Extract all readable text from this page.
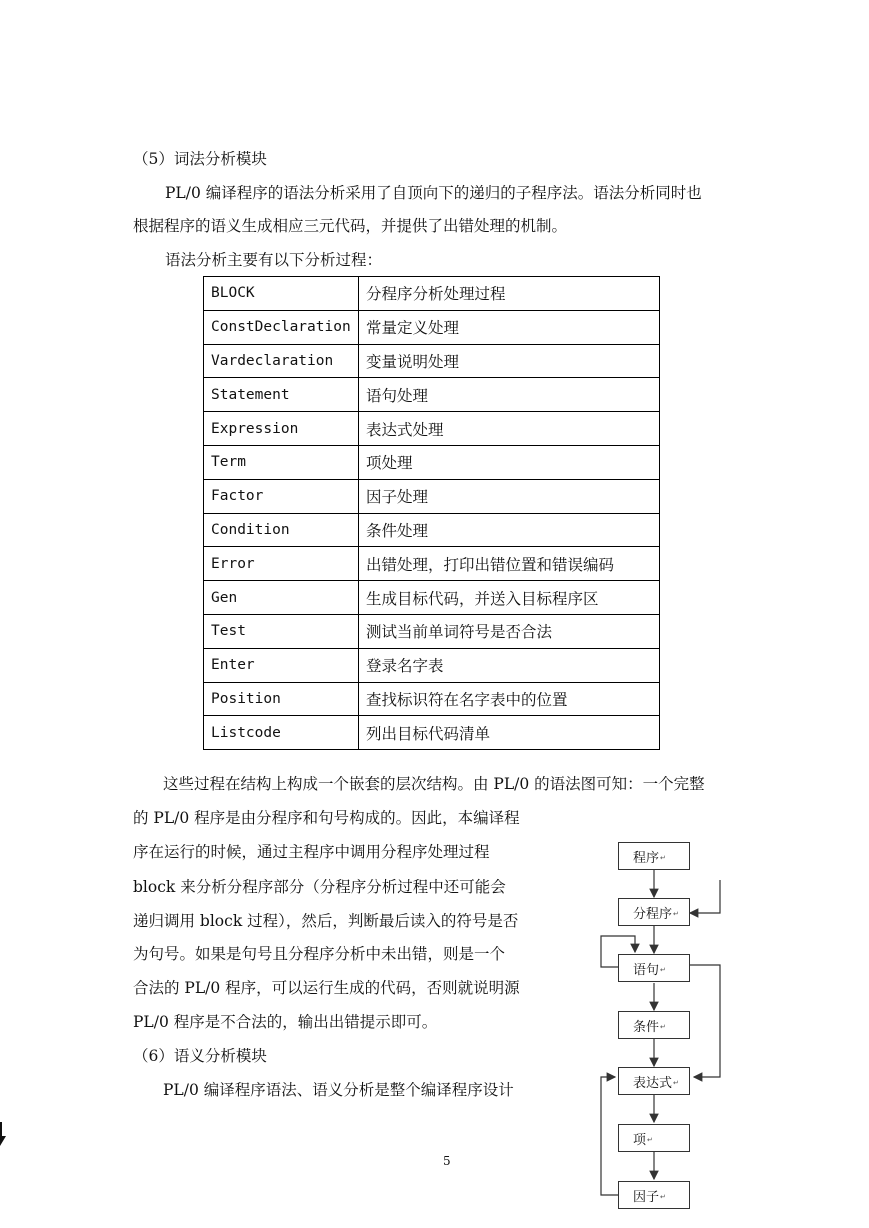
（5）词法分析模块
PL/0 编译程序的语法分析采用了自顶向下的递归的子程序法。语法分析同时也
根据程序的语义生成相应三元代码，并提供了出错处理的机制。
语法分析主要有以下分析过程：
BLOCK	分程序分析处理过程
ConstDeclaration	常量定义处理
Vardeclaration	变量说明处理
Statement	语句处理
Expression	表达式处理
Term	项处理
Factor	因子处理
Condition	条件处理
Error	出错处理，打印出错位置和错误编码
Gen	生成目标代码，并送入目标程序区
Test	测试当前单词符号是否合法
Enter	登录名字表
Position	查找标识符在名字表中的位置
Listcode	列出目标代码清单
这些过程在结构上构成一个嵌套的层次结构。由 PL/0 的语法图可知：一个完整
的 PL/0 程序是由分程序和句号构成的。因此，本编译程
序在运行的时候，通过主程序中调用分程序处理过程
block 来分析分程序部分（分程序分析过程中还可能会
递归调用 block 过程），然后，判断最后读入的符号是否
为句号。如果是句号且分程序分析中未出错，则是一个
合法的 PL/0 程序，可以运行生成的代码，否则就说明源
PL/0 程序是不合法的，输出出错提示即可。
（6）语义分析模块
PL/0 编译程序语法、语义分析是整个编译程序设计
程序 ↵
分程序 ↵
语句 ↵
条件 ↵
表达式 ↵
项 ↵
因子 ↵
5
